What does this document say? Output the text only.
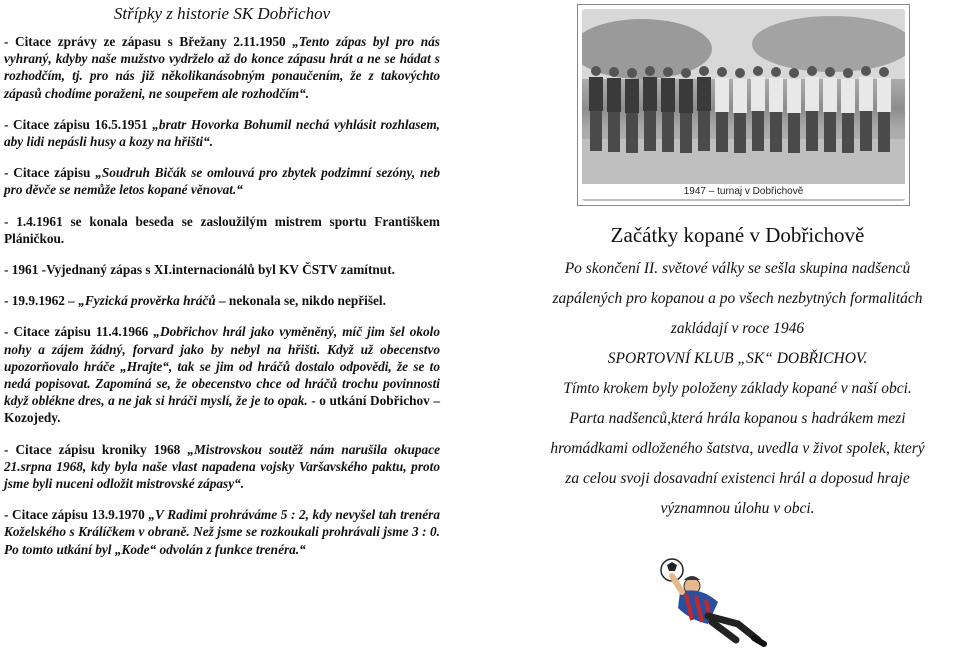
Střípky z historie SK Dobřichov
- Citace zprávy ze zápasu s Břežany 2.11.1950 „Tento zápas byl pro nás vyhraný, kdyby naše mužstvo vydrželo až do konce zápasu hrát a ne se hádat s rozhodčím, tj. pro nás již několikanásobným ponaučením, že z takovýchto zápasů chodíme poraženi, ne soupeřem ale rozhodčím“.
- Citace zápisu 16.5.1951 „bratr Hovorka Bohumil nechá vyhlásit rozhlasem, aby lidi nepásli husy a kozy na hřišti“.
- Citace zápisu „Soudruh Bičák se omlouvá pro zbytek podzimní sezóny, neb pro děvče se nemůže letos kopané věnovat.“
- 1.4.1961 se konala beseda se zasloužilým mistrem sportu Františkem Pláničkou.
- 1961 -Vyjednaný zápas s XI.internacionálů byl KV ČSTV zamítnut.
- 19.9.1962 – „Fyzická prověrka hráčů – nekonala se, nikdo nepřišel.
- Citace zápisu 11.4.1966 „Dobřichov hrál jako vyměněný, míč jim šel okolo nohy a zájem žádný, forvard jako by nebyl na hřišti. Když už obecenstvo upozorňovalo hráče „Hrajte“, tak se jim od hráčů dostalo odpovědi, že se to nedá popisovat. Zapomíná se, že obecenstvo chce od hráčů trochu povinnosti když oblékne dres, a ne jak si hráči myslí, že je to opak. - o utkání Dobřichov – Kozojedy.
- Citace zápisu kroniky 1968 „Mistrovskou soutěž nám narušila okupace 21.srpna 1968, kdy byla naše vlast napadena vojsky Varšavského paktu, proto jsme byli nuceni odložit mistrovské zápasy“.
- Citace zápisu 13.9.1970 „V Radimi prohráváme 5 : 2, kdy nevyšel tah trenéra Koželského s Králíčkem v obraně. Než jsme se rozkoukali prohrávali jsme 3 : 0. Po tomto utkání byl „Kode“ odvolán z funkce trenéra.“
1947 – turnaj v Dobřichově
Začátky kopané v Dobřichově
Po skončení II. světové války se sešla skupina nadšenců
zapálených pro kopanou a po všech nezbytných formalitách
zakládají v roce 1946
SPORTOVNÍ KLUB „SK“ DOBŘICHOV.
Tímto krokem byly položeny základy kopané v naší obci.
Parta nadšenců,která hrála kopanou s hadrákem mezi
hromádkami odloženého šatstva, uvedla v život spolek, který
za celou svoji dosavadní existenci hrál a doposud hraje
významnou úlohu v obci.
